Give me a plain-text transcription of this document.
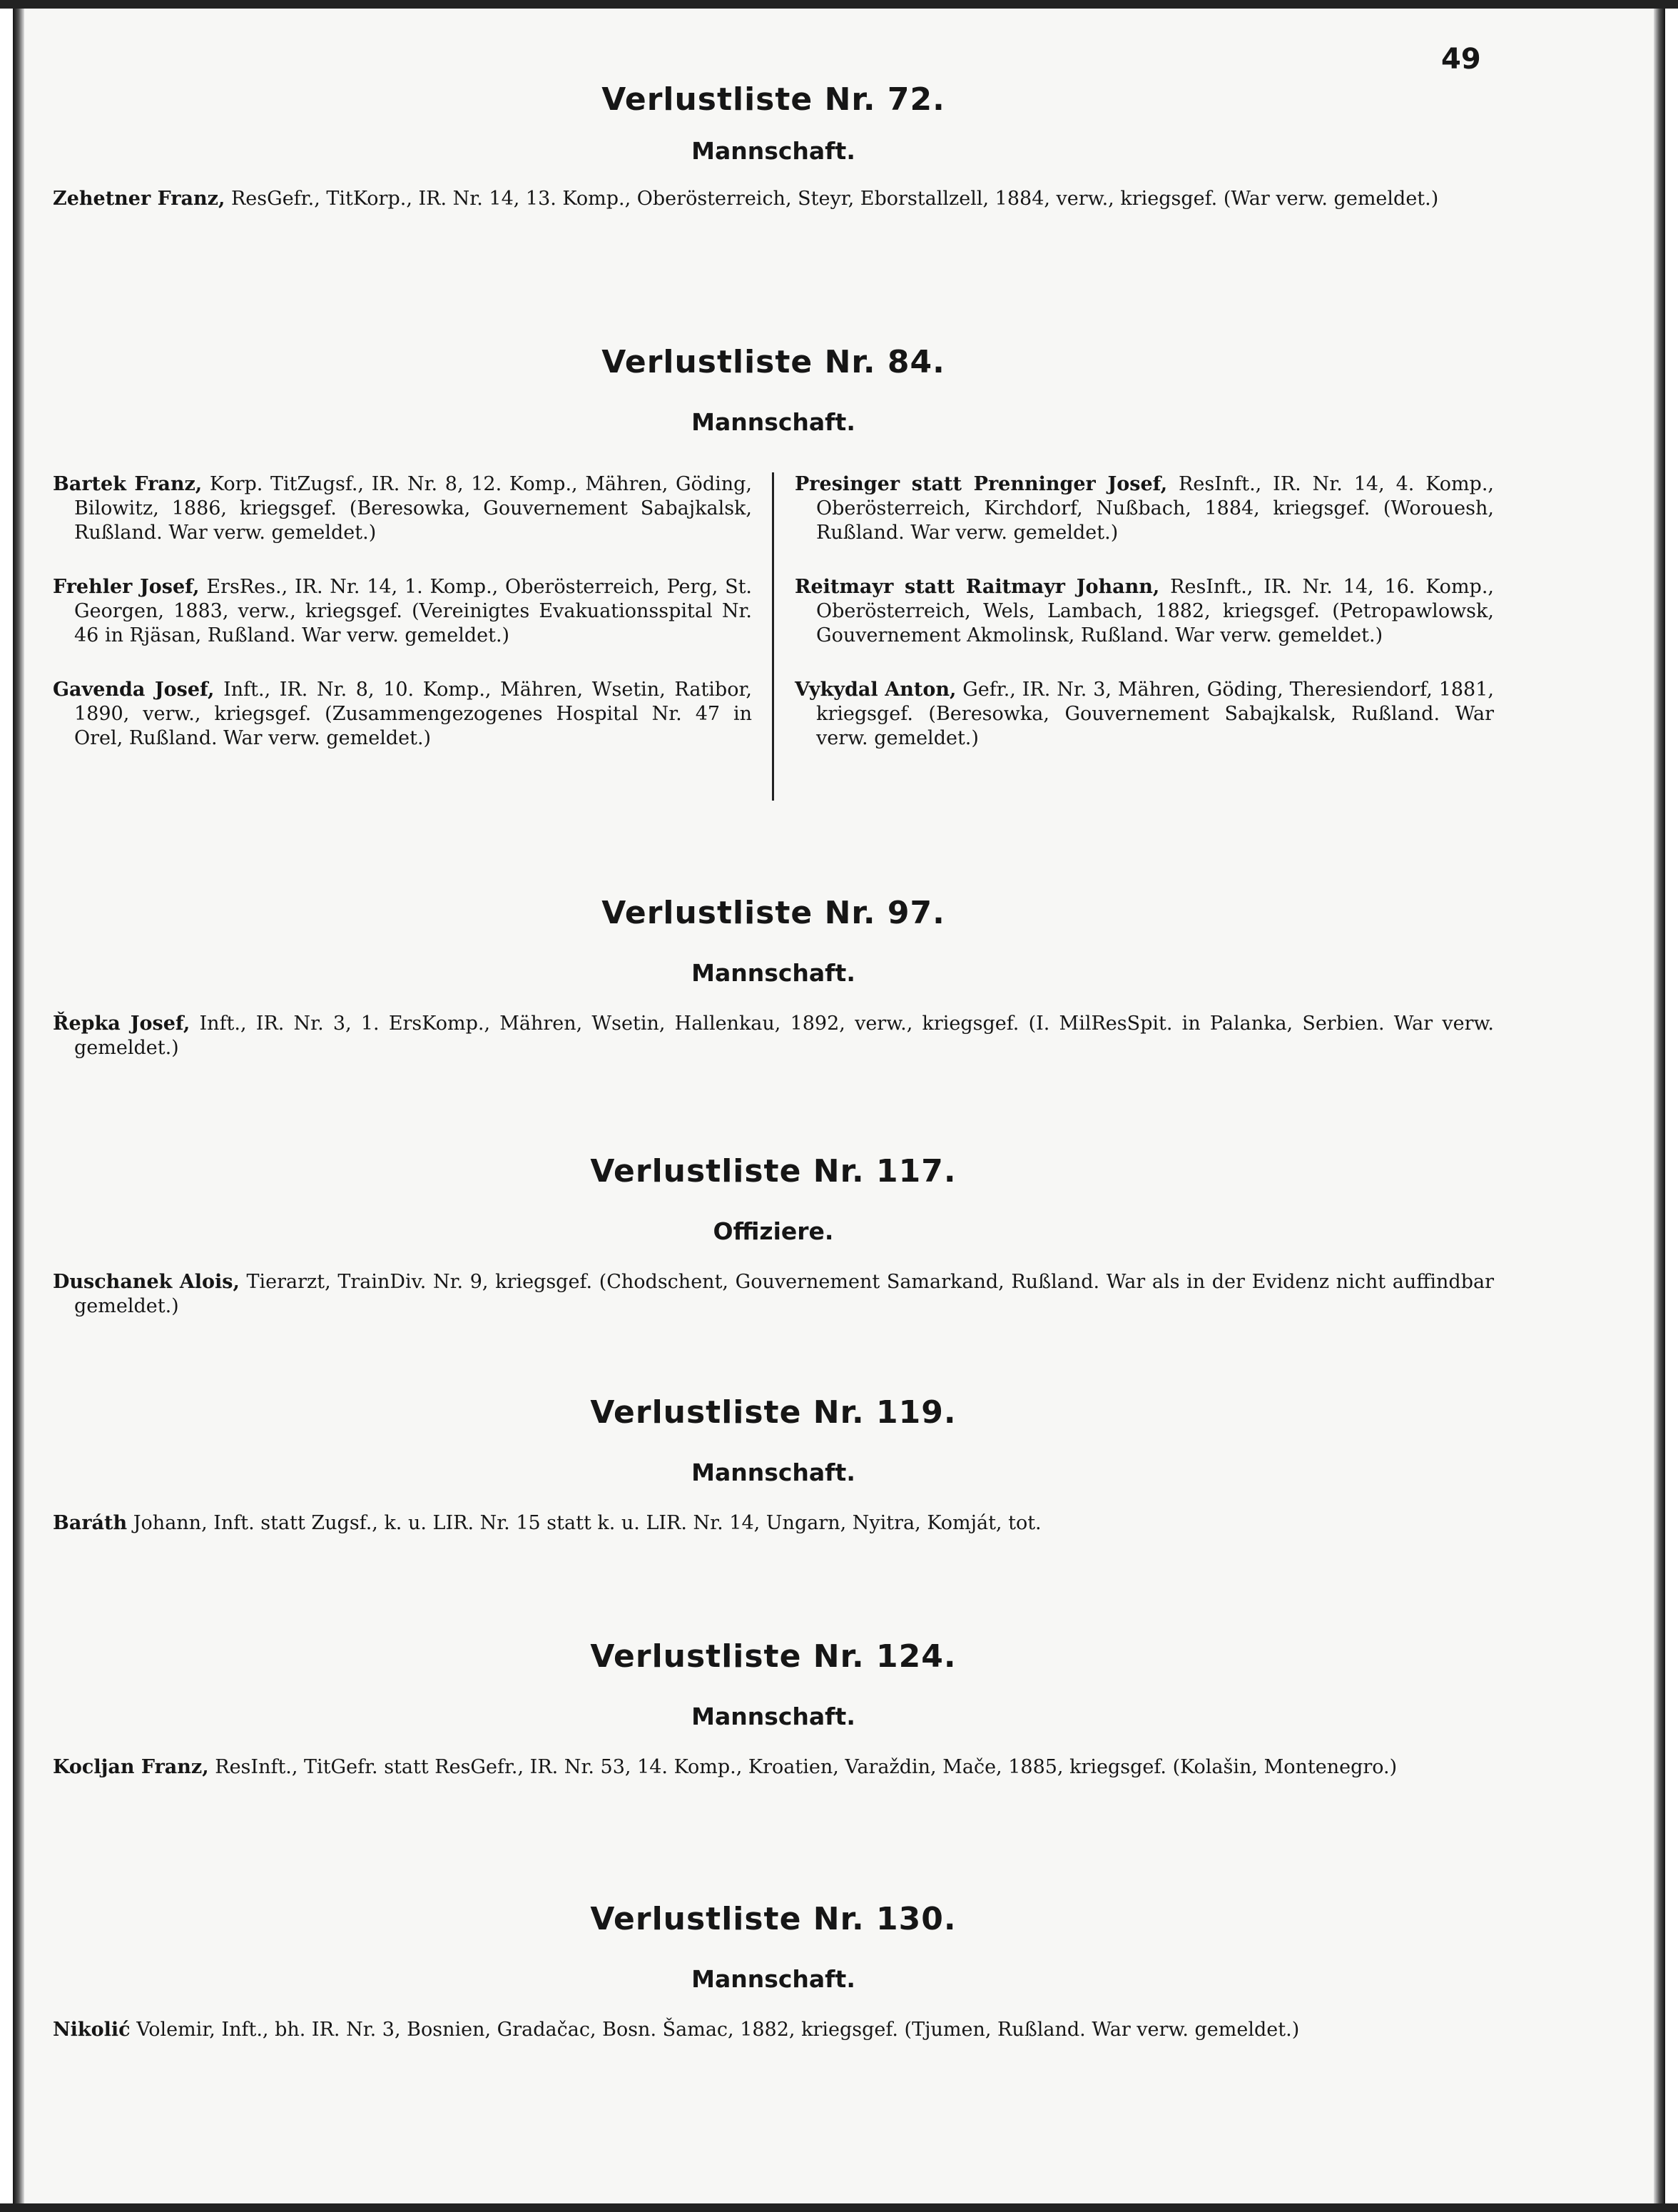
49
Verlustliste Nr. 72.
Mannschaft.

Zehetner Franz, ResGefr., TitKorp., IR. Nr. 14, 13. Komp., Oberösterreich, Steyr, Eborstallzell, 1884, verw., kriegsgef. (War verw. gemeldet.)

Verlustliste Nr. 84.
Mannschaft.

Bartek Franz, Korp. TitZugsf., IR. Nr. 8, 12. Komp., Mähren, Göding, Bilowitz, 1886, kriegsgef. (Beresowka, Gouvernement Sabajkalsk, Rußland. War verw. gemeldet.)

Frehler Josef, ErsRes., IR. Nr. 14, 1. Komp., Oberösterreich, Perg, St. Georgen, 1883, verw., kriegsgef. (Vereinigtes Evakuationsspital Nr. 46 in Rjäsan, Rußland. War verw. gemeldet.)

Gavenda Josef, Inft., IR. Nr. 8, 10. Komp., Mähren, Wsetin, Ratibor, 1890, verw., kriegsgef. (Zusammengezogenes Hospital Nr. 47 in Orel, Rußland. War verw. gemeldet.)

Presinger statt Prenninger Josef, ResInft., IR. Nr. 14, 4. Komp., Oberösterreich, Kirchdorf, Nußbach, 1884, kriegsgef. (Worouesh, Rußland. War verw. gemeldet.)

Reitmayr statt Raitmayr Johann, ResInft., IR. Nr. 14, 16. Komp., Oberösterreich, Wels, Lambach, 1882, kriegsgef. (Petropawlowsk, Gouvernement Akmolinsk, Rußland. War verw. gemeldet.)

Vykydal Anton, Gefr., IR. Nr. 3, Mähren, Göding, Theresiendorf, 1881, kriegsgef. (Beresowka, Gouvernement Sabajkalsk, Rußland. War verw. gemeldet.)

Verlustliste Nr. 97.
Mannschaft.

Řepka Josef, Inft., IR. Nr. 3, 1. ErsKomp., Mähren, Wsetin, Hallenkau, 1892, verw., kriegsgef. (I. MilResSpit. in Palanka, Serbien. War verw. gemeldet.)

Verlustliste Nr. 117.
Offiziere.

Duschanek Alois, Tierarzt, TrainDiv. Nr. 9, kriegsgef. (Chodschent, Gouvernement Samarkand, Rußland. War als in der Evidenz nicht auffindbar gemeldet.)

Verlustliste Nr. 119.
Mannschaft.

Baráth Johann, Inft. statt Zugsf., k. u. LIR. Nr. 15 statt k. u. LIR. Nr. 14, Ungarn, Nyitra, Komját, tot.

Verlustliste Nr. 124.
Mannschaft.

Kocljan Franz, ResInft., TitGefr. statt ResGefr., IR. Nr. 53, 14. Komp., Kroatien, Varaždin, Mače, 1885, kriegsgef. (Kolašin, Montenegro.)

Verlustliste Nr. 130.
Mannschaft.

Nikolić Volemir, Inft., bh. IR. Nr. 3, Bosnien, Gradačac, Bosn. Šamac, 1882, kriegsgef. (Tjumen, Rußland. War verw. gemeldet.)
